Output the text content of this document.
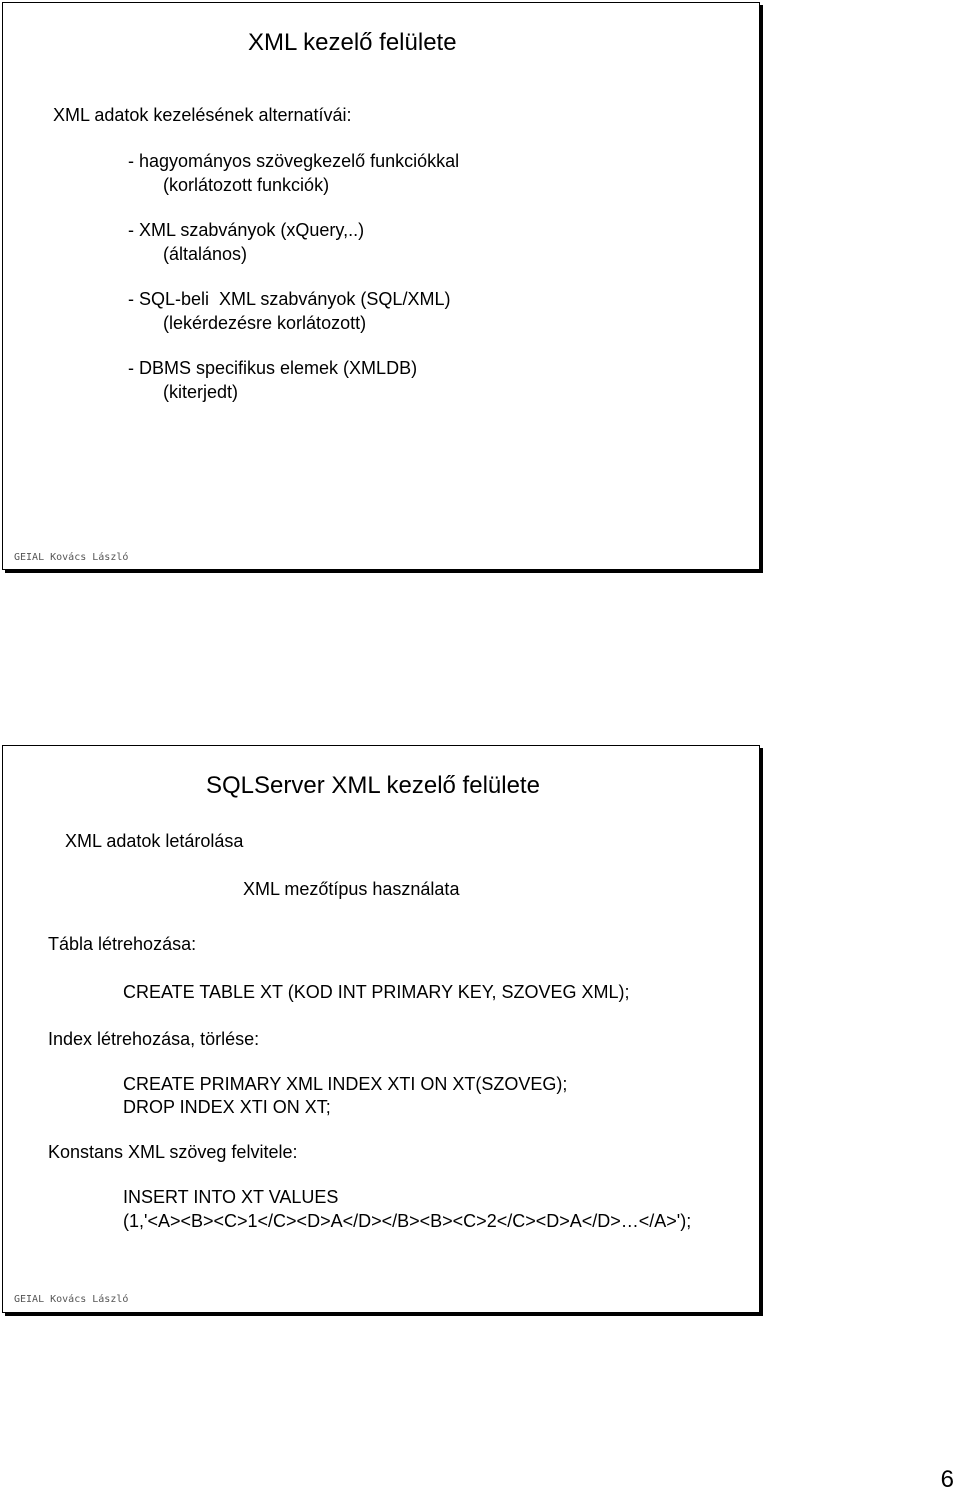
XML kezelő felülete
XML adatok kezelésének alternatívái:
- hagyományos szövegkezelő funkciókkal
(korlátozott funkciók)
- XML szabványok (xQuery,..)
(általános)
- SQL-beli  XML szabványok (SQL/XML)
(lekérdezésre korlátozott)
- DBMS specifikus elemek (XMLDB)
(kiterjedt)
GEIAL Kovács László
SQLServer XML kezelő felülete
XML adatok letárolása
XML mezőtípus használata
Tábla létrehozása:
CREATE TABLE XT (KOD INT PRIMARY KEY, SZOVEG XML);
Index létrehozása, törlése:
CREATE PRIMARY XML INDEX XTI ON XT(SZOVEG);
DROP INDEX XTI ON XT;
Konstans XML szöveg felvitele:
INSERT INTO XT VALUES
(1,'<A><B><C>1</C><D>A</D></B><B><C>2</C><D>A</D>…</A>');
GEIAL Kovács László
6
